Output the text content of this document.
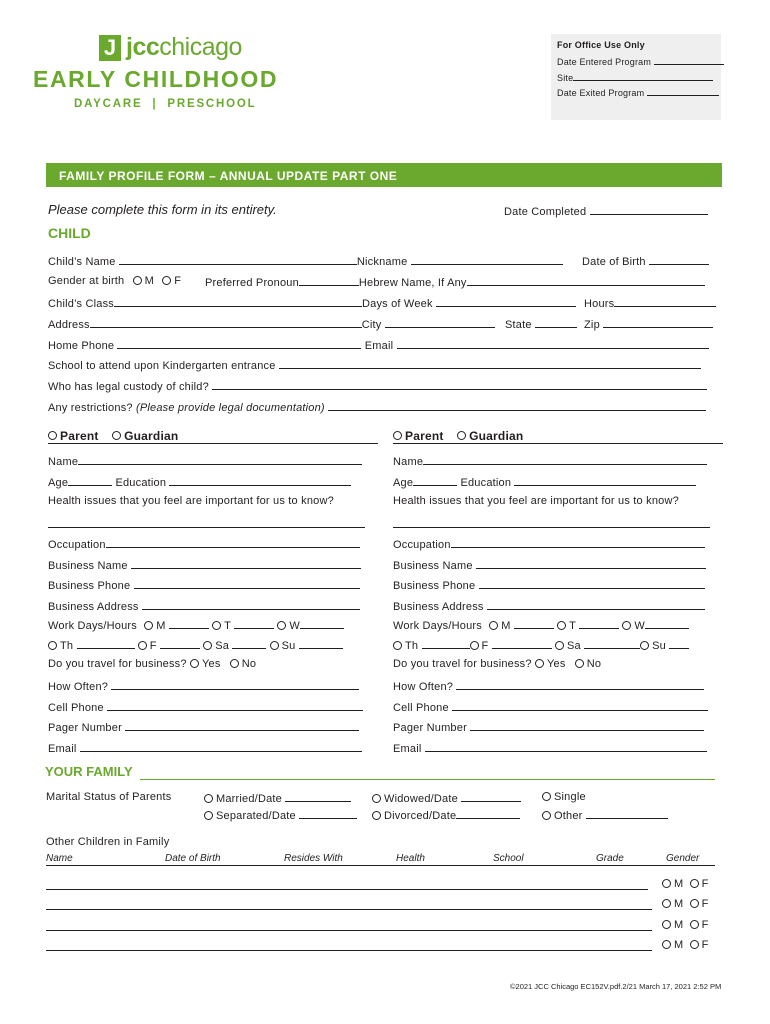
J jccchicago
EARLY CHILDHOOD
DAYCARE  |  PRESCHOOL
For Office Use Only
Date Entered Program
Site
Date Exited Program
FAMILY PROFILE FORM – ANNUAL UPDATE PART ONE
Please complete this form in its entirety.	Date Completed
CHILD
Child’s Name	Nickname	Date of Birth
Gender at birth M F Preferred Pronoun	Hebrew Name, If Any
Child’s Class	Days of Week	Hours
Address	City	State	Zip
Home Phone	Email
School to attend upon Kindergarten entrance
Who has legal custody of child?
Any restrictions? (Please provide legal documentation)
Parent Guardian
Name
Age	Education
Health issues that you feel are important for us to know?
Occupation
Business Name
Business Phone
Business Address
Work Days/Hours M	T	W
Th	F	Sa	Su
Do you travel for business? Yes No
How Often?
Cell Phone
Pager Number
Email
Parent Guardian
Name
Age	Education
Health issues that you feel are important for us to know?
Occupation
Business Name
Business Phone
Business Address
Work Days/Hours M	T	W
Th	F	Sa	Su
Do you travel for business? Yes No
How Often?
Cell Phone
Pager Number
Email
YOUR FAMILY
Marital Status of Parents	Married/Date
Separated/Date
Widowed/Date
Divorced/Date
Single
Other
Other Children in Family
Name	Date of Birth	Resides With	Health	School	Grade	Gender
M F
M F
M F
M F
©2021 JCC Chicago EC152V.pdf.2/21 March 17, 2021 2:52 PM
